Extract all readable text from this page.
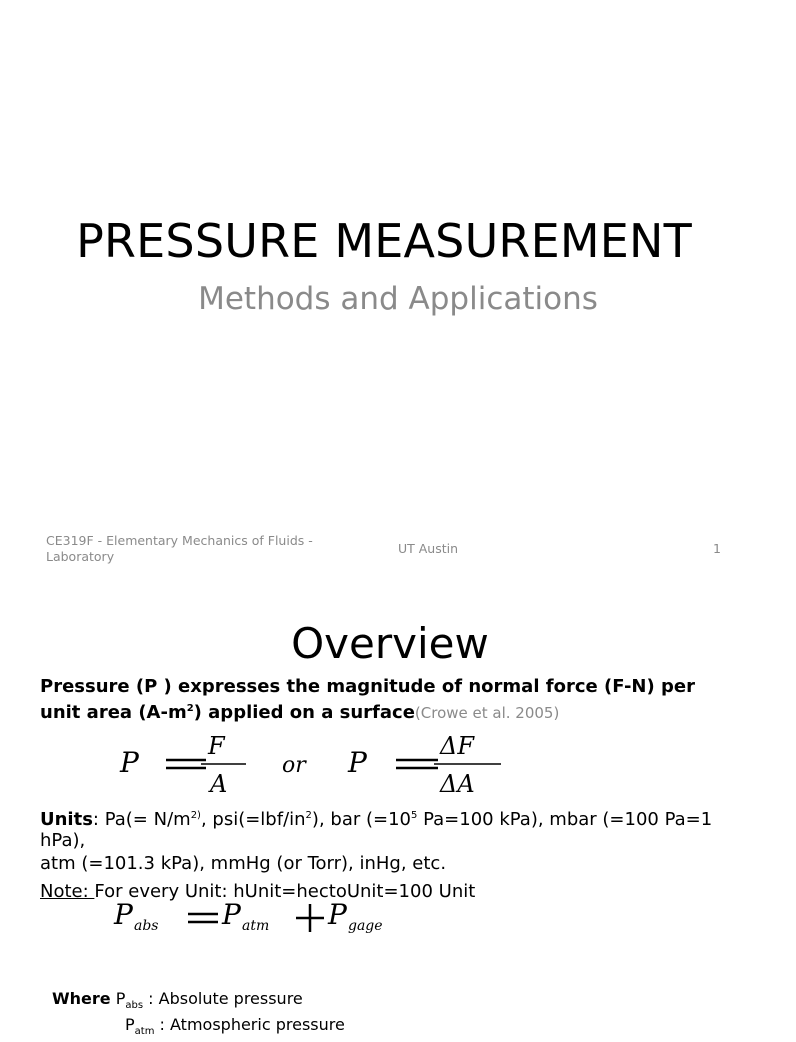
PRESSURE MEASUREMENT
Methods and Applications
CE319F - Elementary Mechanics of Fluids - Laboratory
UT Austin	1
Overview
Pressure (P ) expresses the magnitude of normal force (F-N) per unit area $(A-m^2)$ applied on a surface(Crowe et al. 2005)
P	F
A
or P	ΔF
ΔA
Units: $Pa(= N/m^{2)}$, $psi(=lbf/in^2)$, bar ($=10^5$ Pa=100 kPa), mbar (=100 Pa=1 hPa),
atm (=101.3 kPa), mmHg (or Torr), inHg, etc.
Note: For every Unit: hUnit=hectoUnit=100 Unit
P abs P atm P gage
Where $P_{abs}$ : Absolute pressure
$P_{atm}$ : Atmospheric pressure
